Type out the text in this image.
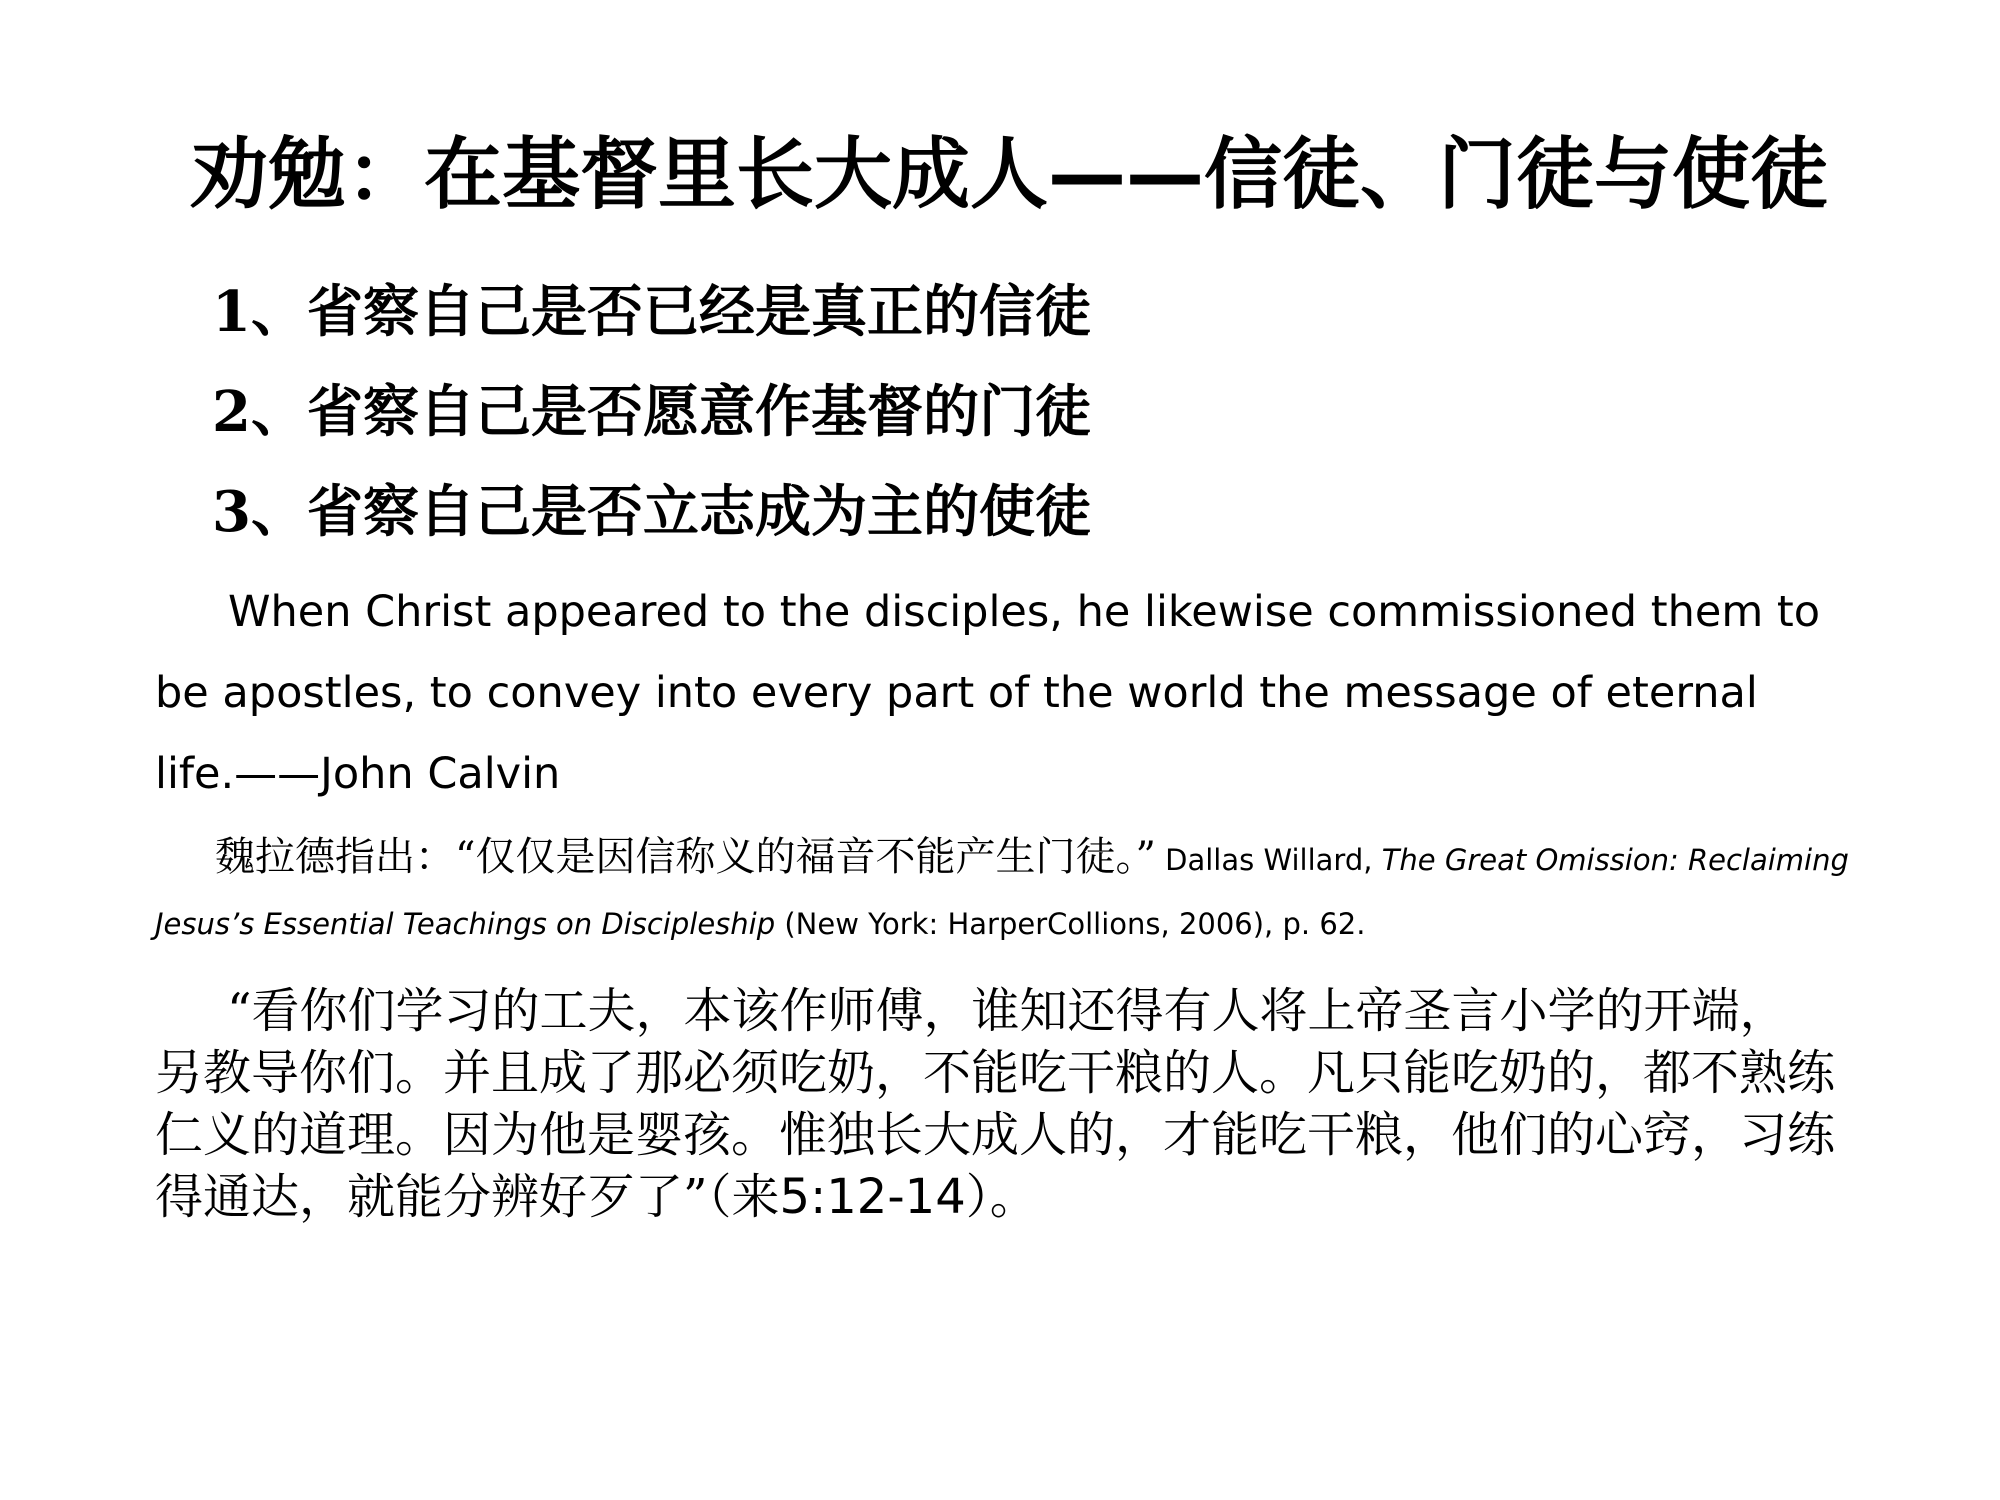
劝勉：在基督里长大成人——信徒、门徒与使徒
1、省察自己是否已经是真正的信徒
2、省察自己是否愿意作基督的门徒
3、省察自己是否立志成为主的使徒

When Christ appeared to the disciples, he likewise commissioned them to be apostles, to convey into every part of the world the message of eternal life.——John Calvin

魏拉德指出：“仅仅是因信称义的福音不能产生门徒。” Dallas Willard, The Great Omission: Reclaiming Jesus’s Essential Teachings on Discipleship (New York: HarperCollions, 2006), p. 62.

“看你们学习的工夫，本该作师傅，谁知还得有人将上帝圣言小学的开端，另教导你们。并且成了那必须吃奶，不能吃干粮的人。凡只能吃奶的，都不熟练仁义的道理。因为他是婴孩。惟独长大成人的，才能吃干粮，他们的心窍，习练得通达，就能分辨好歹了”（来5:12-14）。
